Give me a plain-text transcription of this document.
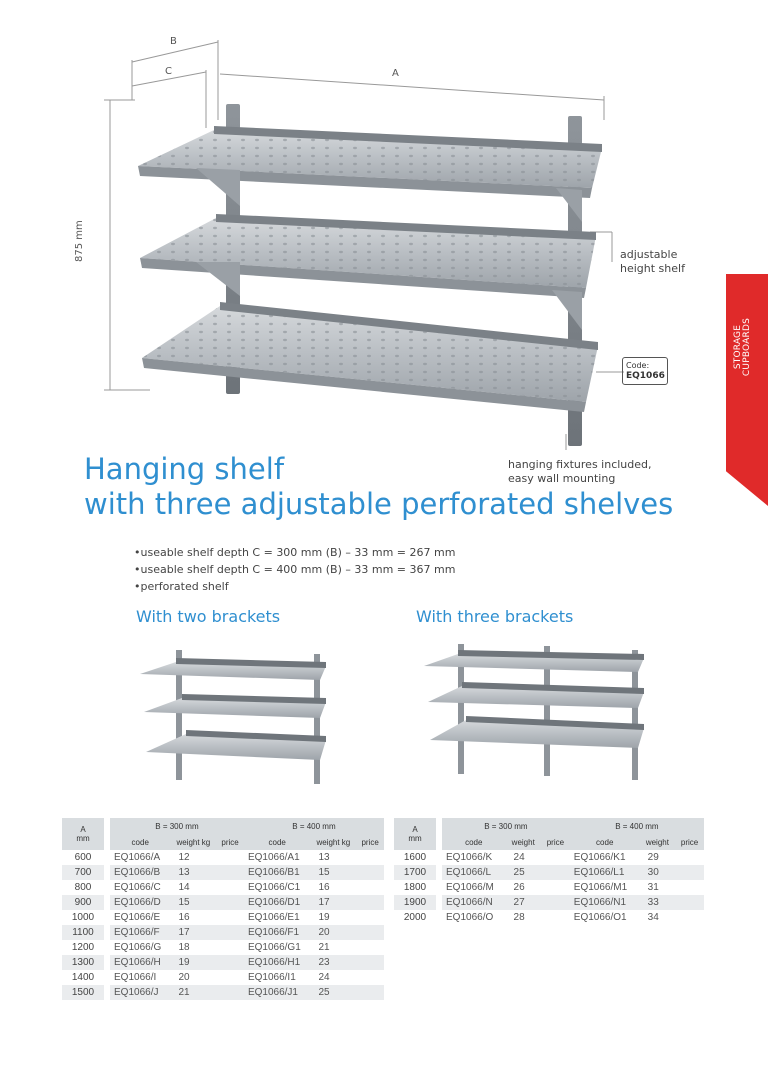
STORAGE CUPBOARDS
B
C	A
875 mm	adjustable
height shelf
Code:
EQ1066
hanging fixtures included,
easy wall mounting
Hanging shelf
with three adjustable perforated shelves
• useable shelf depth C = 300 mm (B) – 33 mm = 267 mm
• useable shelf depth C = 400 mm (B) – 33 mm = 367 mm
• perforated shelf
With two brackets	With three brackets
A
mm		B = 300 mm			B = 400 mm		
		code	weight kg	price	code	weight kg	price
600		EQ1066/A	12		EQ1066/A1	13	
700		EQ1066/B	13		EQ1066/B1	15	
800		EQ1066/C	14		EQ1066/C1	16	
900		EQ1066/D	15		EQ1066/D1	17	
1000		EQ1066/E	16		EQ1066/E1	19	
1100		EQ1066/F	17		EQ1066/F1	20	
1200		EQ1066/G	18		EQ1066/G1	21	
1300		EQ1066/H	19		EQ1066/H1	23	
1400		EQ1066/I	20		EQ1066/I1	24	
1500		EQ1066/J	21		EQ1066/J1	25	
A
mm		B = 300 mm			B = 400 mm		
		code	weight	price	code	weight	price
1600		EQ1066/K	24		EQ1066/K1	29	
1700		EQ1066/L	25		EQ1066/L1	30	
1800		EQ1066/M	26		EQ1066/M1	31	
1900		EQ1066/N	27		EQ1066/N1	33	
2000		EQ1066/O	28		EQ1066/O1	34	
